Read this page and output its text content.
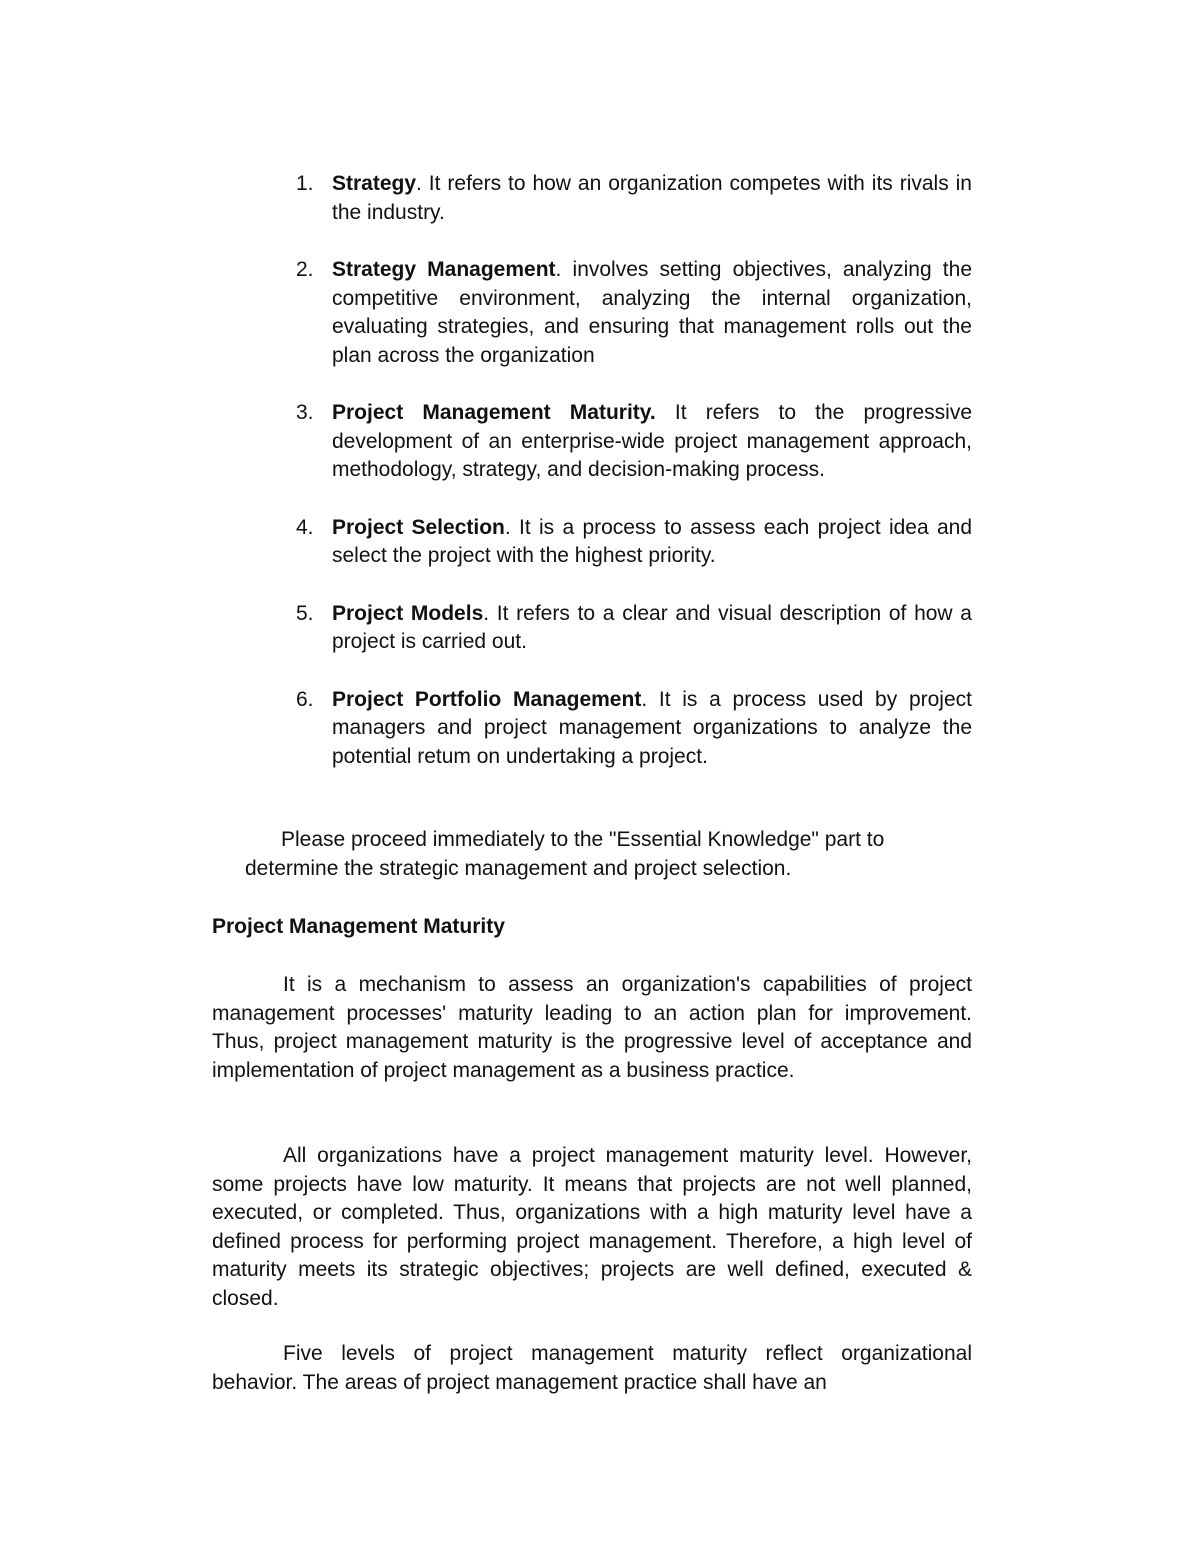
1. Strategy. It refers to how an organization competes with its rivals in the industry.
2. Strategy Management. involves setting objectives, analyzing the competitive environment, analyzing the internal organization, evaluating strategies, and ensuring that management rolls out the plan across the organization
3. Project Management Maturity. It refers to the progressive development of an enterprise-wide project management approach, methodology, strategy, and decision-making process.
4. Project Selection. It is a process to assess each project idea and select the project with the highest priority.
5. Project Models. It refers to a clear and visual description of how a project is carried out.
6. Project Portfolio Management. It is a process used by project managers and project management organizations to analyze the potential retum on undertaking a project.

Please proceed immediately to the "Essential Knowledge" part to determine the strategic management and project selection.

Project Management Maturity

It is a mechanism to assess an organization's capabilities of project management processes' maturity leading to an action plan for improvement. Thus, project management maturity is the progressive level of acceptance and implementation of project management as a business practice.

All organizations have a project management maturity level. However, some projects have low maturity. It means that projects are not well planned, executed, or completed. Thus, organizations with a high maturity level have a defined process for performing project management. Therefore, a high level of maturity meets its strategic objectives; projects are well defined, executed & closed.

Five levels of project management maturity reflect organizational behavior. The areas of project management practice shall have an
